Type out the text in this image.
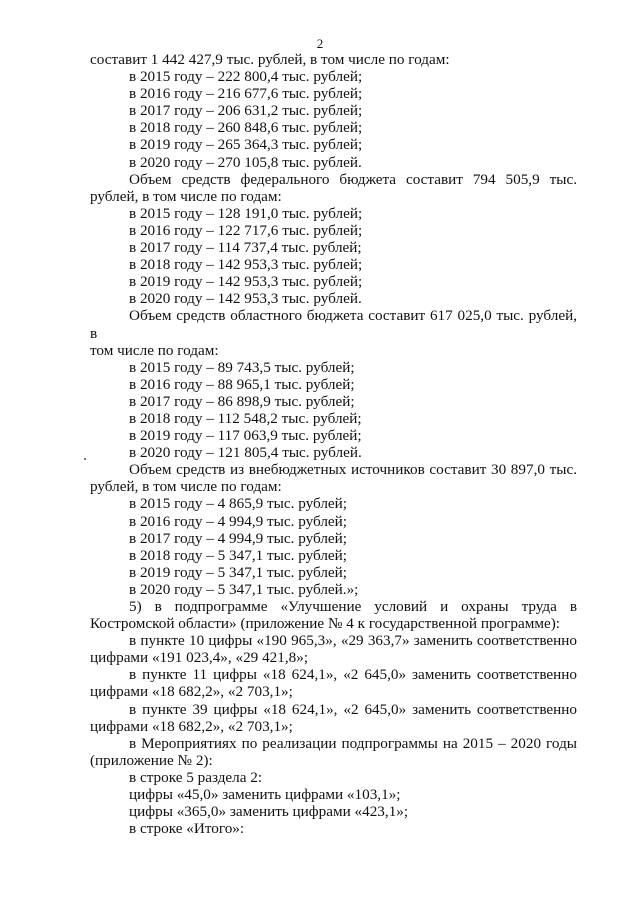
2

составит 1 442 427,9 тыс. рублей, в том числе по годам:

в 2015 году – 222 800,4 тыс. рублей;

в 2016 году – 216 677,6 тыс. рублей;

в 2017 году – 206 631,2 тыс. рублей;

в 2018 году – 260 848,6 тыс. рублей;

в 2019 году – 265 364,3 тыс. рублей;

в 2020 году – 270 105,8 тыс. рублей.

Объем средств федерального бюджета составит 794 505,9 тыс.

рублей, в том числе по годам:

в 2015 году – 128 191,0 тыс. рублей;

в 2016 году – 122 717,6 тыс. рублей;

в 2017 году – 114 737,4 тыс. рублей;

в 2018 году – 142 953,3 тыс. рублей;

в 2019 году – 142 953,3 тыс. рублей;

в 2020 году – 142 953,3 тыс. рублей.

Объем средств областного бюджета составит 617 025,0 тыс. рублей, в

том числе по годам:

в 2015 году – 89 743,5 тыс. рублей;

в 2016 году – 88 965,1 тыс. рублей;

в 2017 году – 86 898,9 тыс. рублей;

в 2018 году – 112 548,2 тыс. рублей;

в 2019 году – 117 063,9 тыс. рублей;

в 2020 году – 121 805,4 тыс. рублей.

Объем средств из внебюджетных источников составит 30 897,0 тыс.

рублей, в том числе по годам:

в 2015 году – 4 865,9 тыс. рублей;

в 2016 году – 4 994,9 тыс. рублей;

в 2017 году – 4 994,9 тыс. рублей;

в 2018 году – 5 347,1 тыс. рублей;

в 2019 году – 5 347,1 тыс. рублей;

в 2020 году – 5 347,1 тыс. рублей.»;

5) в подпрограмме «Улучшение условий и охраны труда в

Костромской области» (приложение № 4 к государственной программе):

в пункте 10 цифры «190 965,3», «29 363,7» заменить соответственно

цифрами «191 023,4», «29 421,8»;

в пункте 11 цифры «18 624,1», «2 645,0» заменить соответственно

цифрами «18 682,2», «2 703,1»;

в пункте 39 цифры «18 624,1», «2 645,0» заменить соответственно

цифрами «18 682,2», «2 703,1»;

в Мероприятиях по реализации подпрограммы на 2015 – 2020 годы

(приложение № 2):

в строке 5 раздела 2:

цифры «45,0» заменить цифрами «103,1»;

цифры «365,0» заменить цифрами «423,1»;

в строке «Итого»:
